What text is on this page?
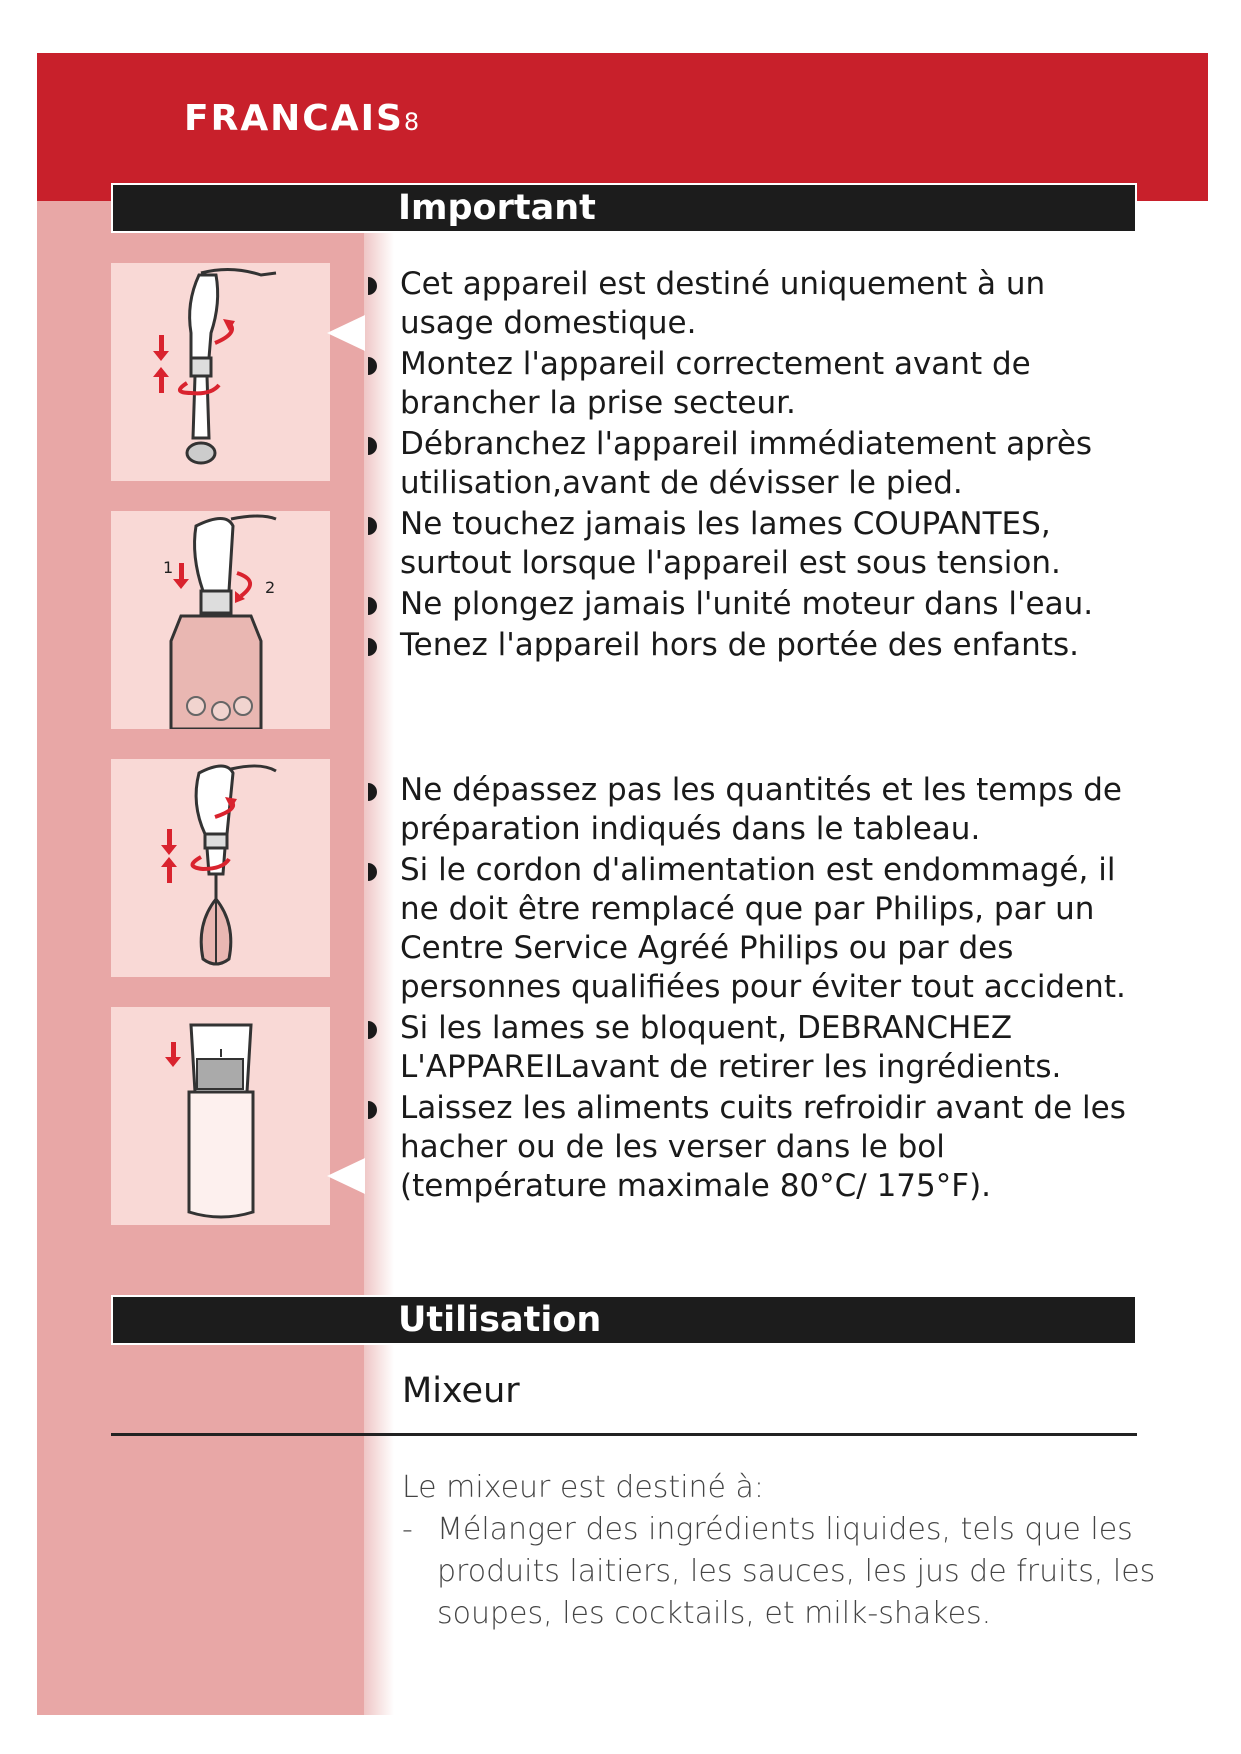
FRANCAIS8
Important
1
2
Cet appareil est destiné uniquement à un usage domestique.
Montez l'appareil correctement avant de brancher la prise secteur.
Débranchez l'appareil immédiatement après utilisation,avant de dévisser le pied.
Ne touchez jamais les lames COUPANTES, surtout lorsque l'appareil est sous tension.
Ne plongez jamais l'unité moteur dans l'eau.
Tenez l'appareil hors de portée des enfants.
Ne dépassez pas les quantités et les temps de préparation indiqués dans le tableau.
Si le cordon d'alimentation est endommagé, il ne doit être remplacé que par Philips, par un Centre Service Agréé Philips ou par des personnes qualifiées pour éviter tout accident.
Si les lames se bloquent, DEBRANCHEZ L'APPAREILavant de retirer les ingrédients.
Laissez les aliments cuits refroidir avant de les hacher ou de les verser dans le bol (température maximale 80°C/ 175°F).
Utilisation
Mixeur
Le mixeur est destiné à:
- Mélanger des ingrédients liquides, tels que les produits laitiers, les sauces, les jus de fruits, les soupes, les cocktails, et milk-shakes.
